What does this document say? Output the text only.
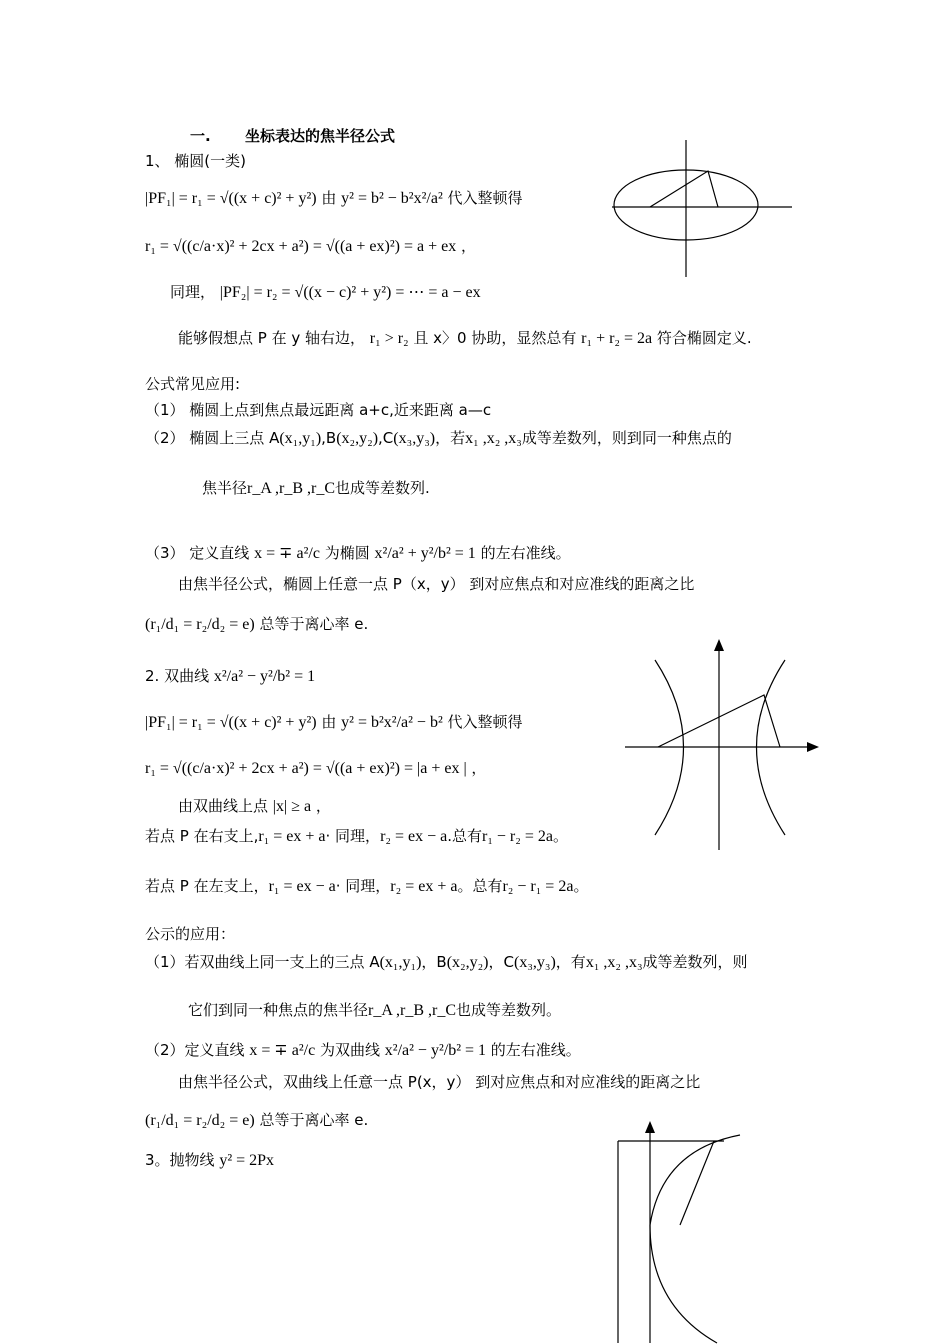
一. 坐标表达的焦半径公式
1、 椭圆(一类)
|PF₁| = r₁ = √((x + c)² + y²) 由 y² = b² − b²x²/a² 代入整顿得
r₁ = √((c/a·x)² + 2cx + a²) = √((a + ex)²) = a + ex ，
同理， |PF₂| = r₂ = √((x − c)² + y²) = ⋯ = a − ex
能够假想点 P 在 y 轴右边， r₁ > r₂ 且 x〉0 协助，显然总有 r₁ + r₂ = 2a 符合椭圆定义.
公式常见应用:
（1） 椭圆上点到焦点最远距离 a+c,近来距离 a—c
（2） 椭圆上三点 A(x₁,y₁),B(x₂,y₂),C(x₃,y₃)，若x₁ ,x₂ ,x₃成等差数列，则到同一种焦点的
焦半径r_A ,r_B ,r_C也成等差数列.
（3） 定义直线 x = ∓ a²/c 为椭圆 x²/a² + y²/b² = 1 的左右准线。
由焦半径公式，椭圆上任意一点 P（x，y） 到对应焦点和对应准线的距离之比
(r₁/d₁ = r₂/d₂ = e) 总等于离心率 e.
2. 双曲线 x²/a² − y²/b² = 1
|PF₁| = r₁ = √((x + c)² + y²) 由 y² = b²x²/a² − b² 代入整顿得
r₁ = √((c/a·x)² + 2cx + a²) = √((a + ex)²) = |a + ex | ，
由双曲线上点 |x| ≥ a ，
若点 P 在右支上,r₁ = ex + a· 同理，r₂ = ex − a.总有r₁ − r₂ = 2a。
若点 P 在左支上，r₁ = ex − a· 同理，r₂ = ex + a。总有r₂ − r₁ = 2a。
公示的应用：
（1）若双曲线上同一支上的三点 A(x₁,y₁)，B(x₂,y₂)，C(x₃,y₃)，有x₁ ,x₂ ,x₃成等差数列，则
它们到同一种焦点的焦半径r_A ,r_B ,r_C也成等差数列。
（2）定义直线 x = ∓ a²/c 为双曲线 x²/a² − y²/b² = 1 的左右准线。
由焦半径公式，双曲线上任意一点 P(x，y） 到对应焦点和对应准线的距离之比
(r₁/d₁ = r₂/d₂ = e) 总等于离心率 e.
3。抛物线 y² = 2Px
